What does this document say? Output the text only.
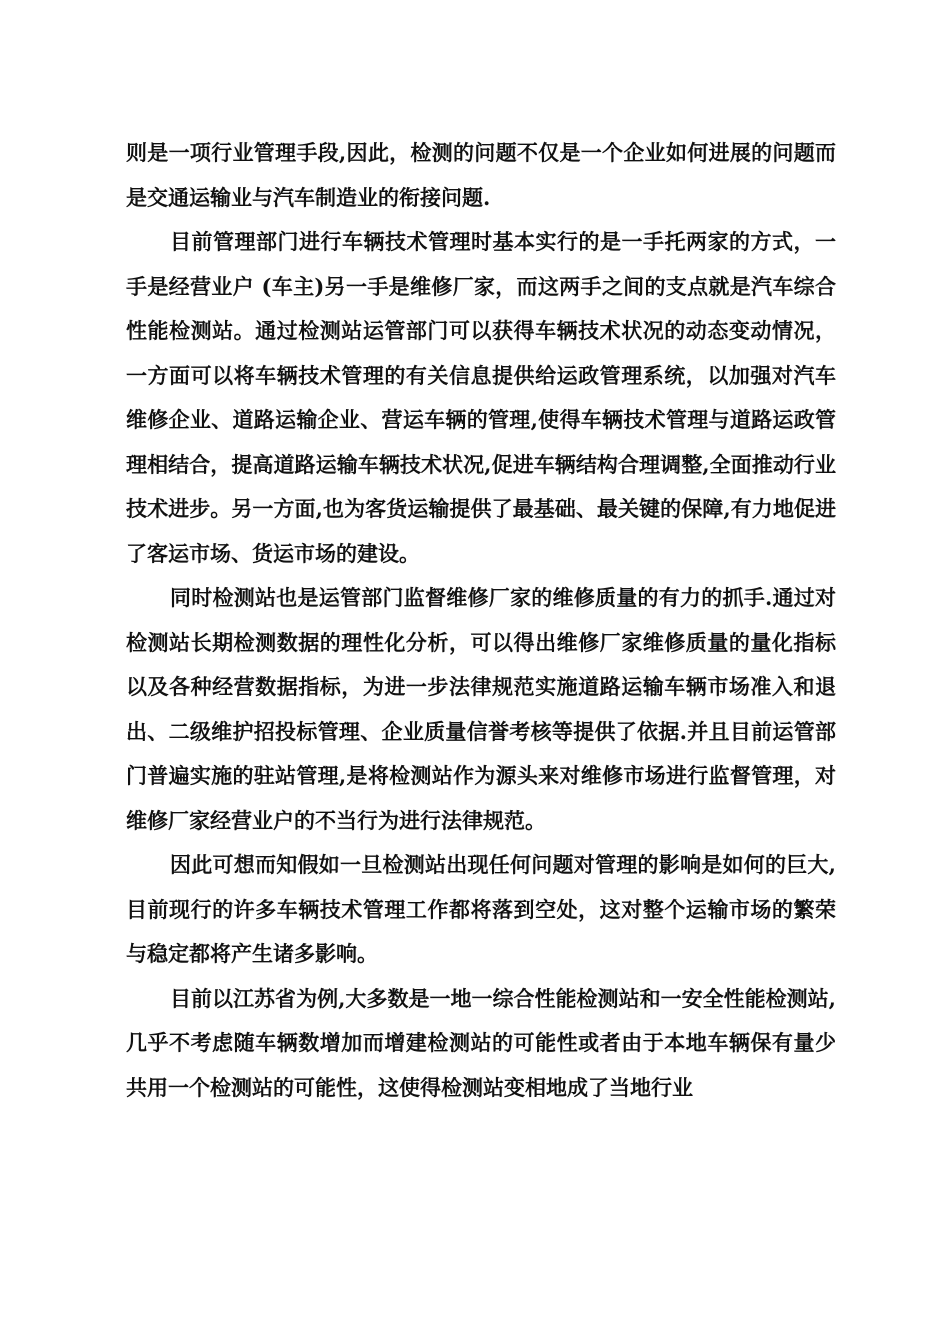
则是一项行业管理手段,因此，检测的问题不仅是一个企业如何进展的问题而是交通运输业与汽车制造业的衔接问题.

目前管理部门进行车辆技术管理时基本实行的是一手托两家的方式，一手是经营业户 (车主)另一手是维修厂家，而这两手之间的支点就是汽车综合性能检测站。通过检测站运管部门可以获得车辆技术状况的动态变动情况，一方面可以将车辆技术管理的有关信息提供给运政管理系统，以加强对汽车维修企业、道路运输企业、营运车辆的管理,使得车辆技术管理与道路运政管理相结合，提高道路运输车辆技术状况,促进车辆结构合理调整,全面推动行业技术进步。另一方面,也为客货运输提供了最基础、最关键的保障,有力地促进了客运市场、货运市场的建设。

同时检测站也是运管部门监督维修厂家的维修质量的有力的抓手.通过对检测站长期检测数据的理性化分析，可以得出维修厂家维修质量的量化指标以及各种经营数据指标，为进一步法律规范实施道路运输车辆市场准入和退出、二级维护招投标管理、企业质量信誉考核等提供了依据.并且目前运管部门普遍实施的驻站管理,是将检测站作为源头来对维修市场进行监督管理，对维修厂家经营业户的不当行为进行法律规范。

因此可想而知假如一旦检测站出现任何问题对管理的影响是如何的巨大,目前现行的许多车辆技术管理工作都将落到空处，这对整个运输市场的繁荣与稳定都将产生诸多影响。

目前以江苏省为例,大多数是一地一综合性能检测站和一安全性能检测站,几乎不考虑随车辆数增加而增建检测站的可能性或者由于本地车辆保有量少共用一个检测站的可能性，这使得检测站变相地成了当地行业
